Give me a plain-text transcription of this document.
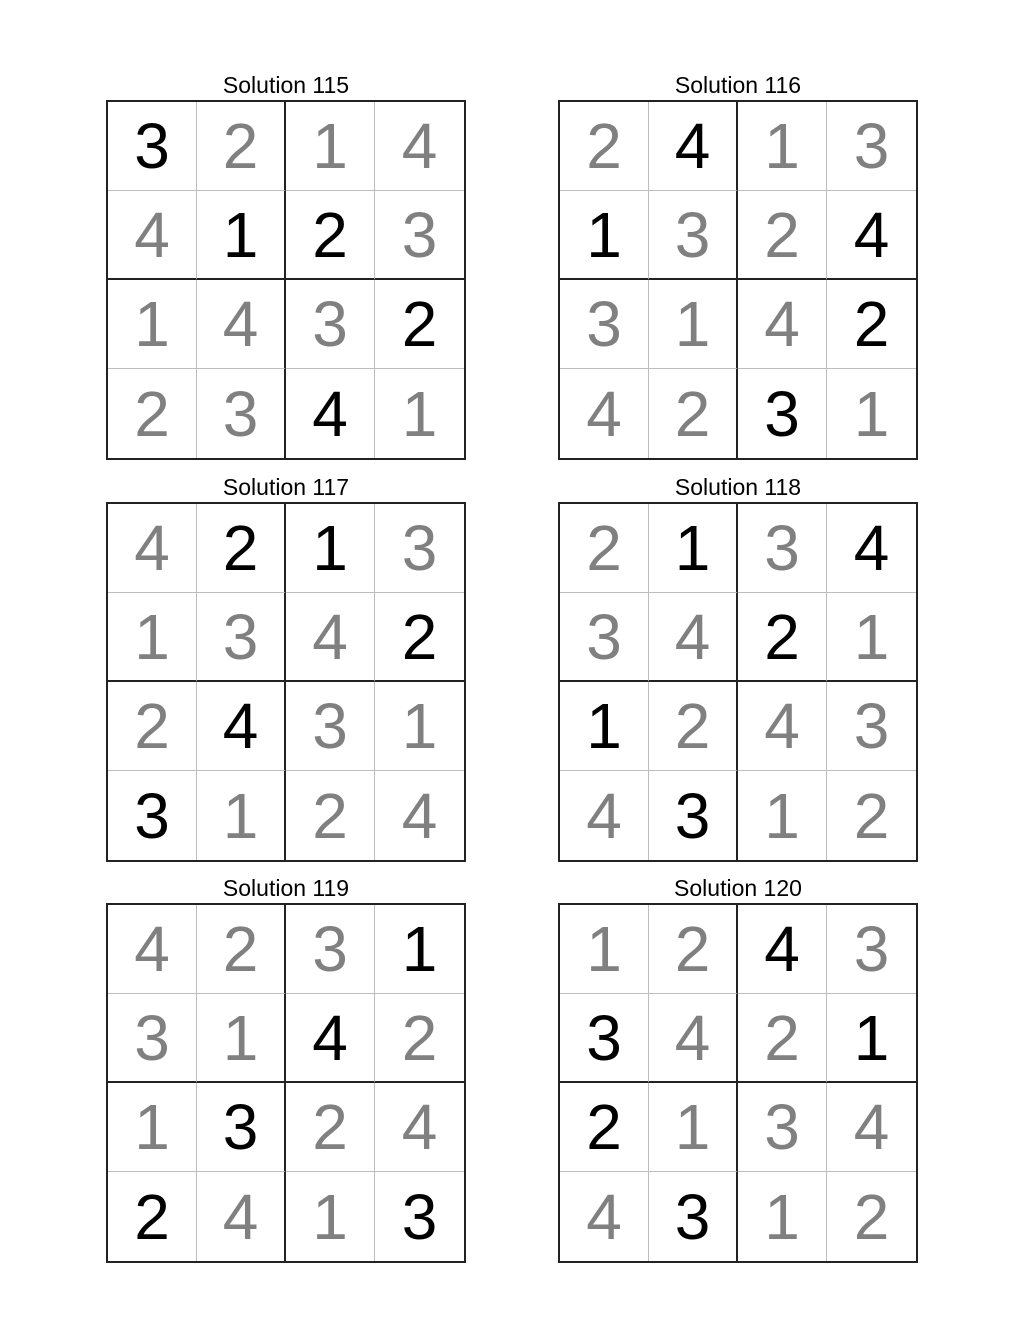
Solution 115
3 2 1 4
4 1 2 3
1 4 3 2
2 3 4 1
Solution 116
2 4 1 3
1 3 2 4
3 1 4 2
4 2 3 1
Solution 117
4 2 1 3
1 3 4 2
2 4 3 1
3 1 2 4
Solution 118
2 1 3 4
3 4 2 1
1 2 4 3
4 3 1 2
Solution 119
4 2 3 1
3 1 4 2
1 3 2 4
2 4 1 3
Solution 120
1 2 4 3
3 4 2 1
2 1 3 4
4 3 1 2
